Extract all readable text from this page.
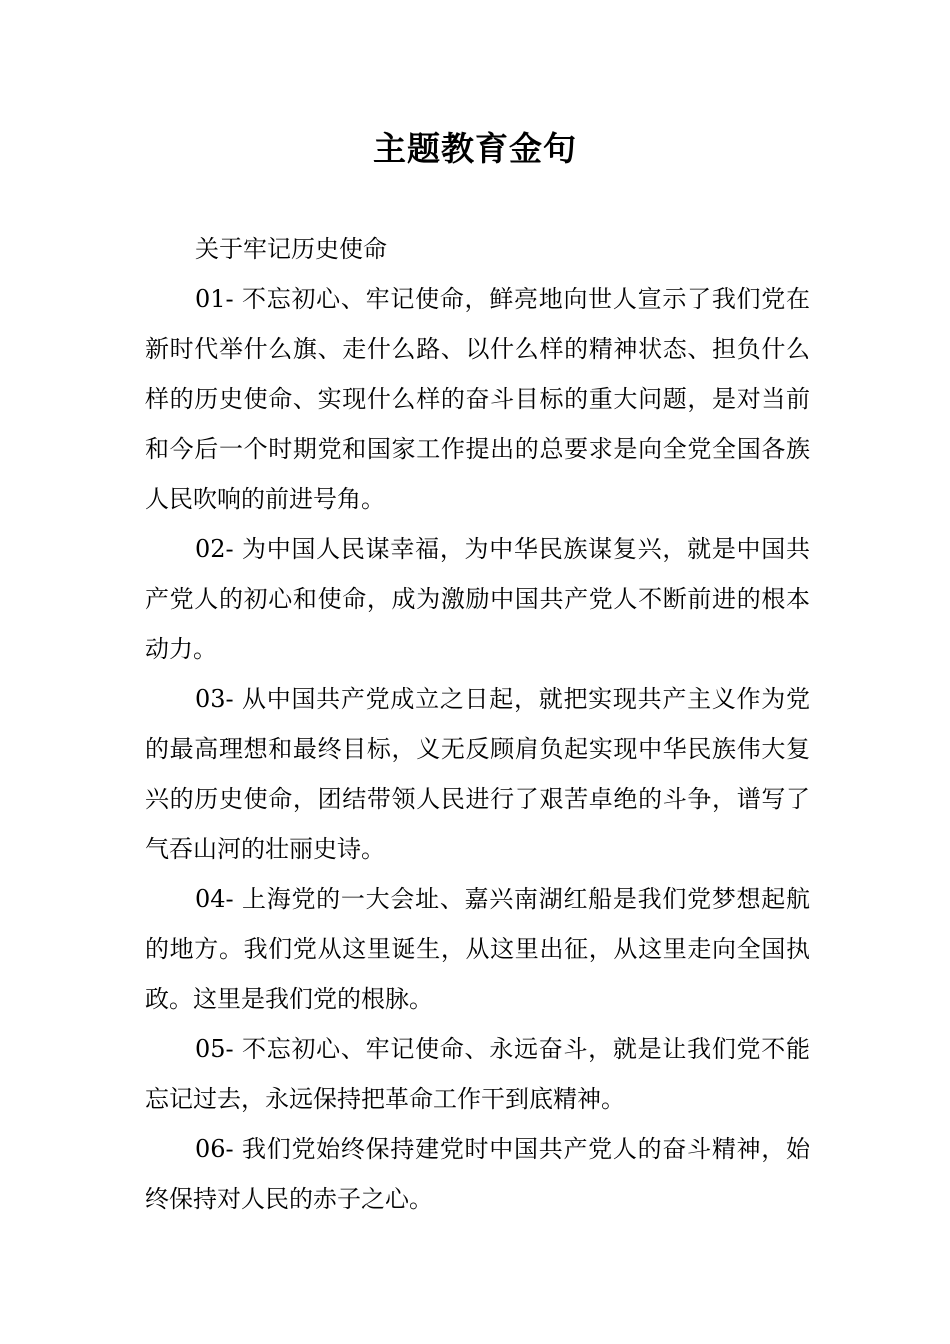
主题教育金句

关于牢记历史使命

01- 不忘初心、牢记使命，鲜亮地向世人宣示了我们党在新时代举什么旗、走什么路、以什么样的精神状态、担负什么样的历史使命、实现什么样的奋斗目标的重大问题，是对当前和今后一个时期党和国家工作提出的总要求是向全党全国各族人民吹响的前进号角。

02- 为中国人民谋幸福，为中华民族谋复兴，就是中国共产党人的初心和使命，成为激励中国共产党人不断前进的根本动力。

03- 从中国共产党成立之日起，就把实现共产主义作为党的最高理想和最终目标，义无反顾肩负起实现中华民族伟大复兴的历史使命，团结带领人民进行了艰苦卓绝的斗争，谱写了气吞山河的壮丽史诗。

04- 上海党的一大会址、嘉兴南湖红船是我们党梦想起航的地方。我们党从这里诞生，从这里出征，从这里走向全国执政。这里是我们党的根脉。

05- 不忘初心、牢记使命、永远奋斗，就是让我们党不能忘记过去，永远保持把革命工作干到底精神。

06- 我们党始终保持建党时中国共产党人的奋斗精神，始终保持对人民的赤子之心。
